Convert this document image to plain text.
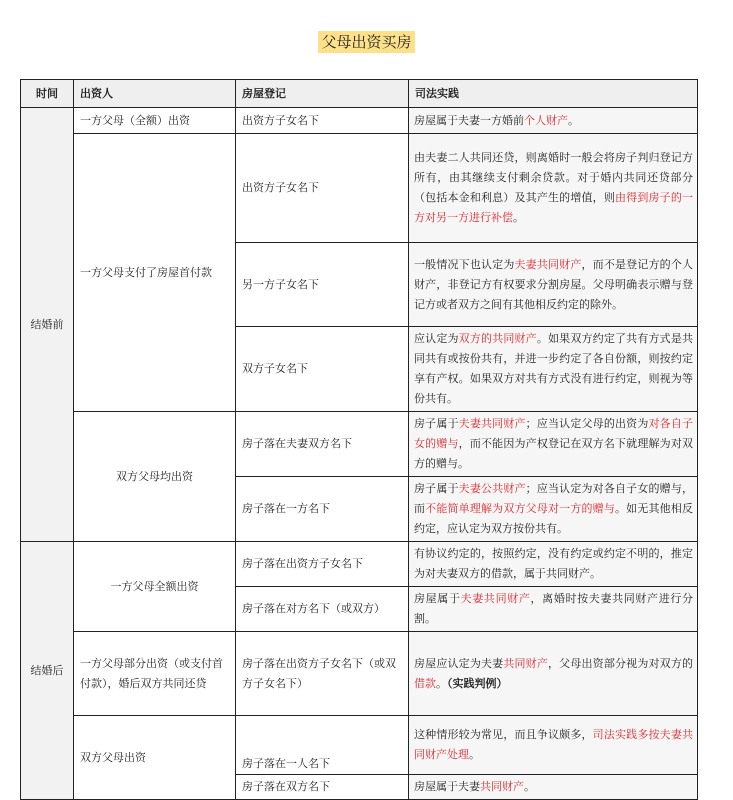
父母出资买房
时间	出资人	房屋登记	司法实践
结婚前	一方父母（全额）出资	出资方子女名下	房屋属于夫妻一方婚前个人财产。
	一方父母支付了房屋首付款	出资方子女名下	由夫妻二人共同还贷，则离婚时一般会将房子判归登记方所有，由其继续支付剩余贷款。对于婚内共同还贷部分（包括本金和利息）及其产生的增值，则由得到房子的一方对另一方进行补偿。
		另一方子女名下	一般情况下也认定为夫妻共同财产，而不是登记方的个人财产，非登记方有权要求分割房屋。父母明确表示赠与登记方或者双方之间有其他相反约定的除外。
		双方子女名下	应认定为双方的共同财产。如果双方约定了共有方式是共同共有或按份共有，并进一步约定了各自份额，则按约定享有产权。如果双方对共有方式没有进行约定，则视为等份共有。
	双方父母均出资	房子落在夫妻双方名下	房子属于夫妻共同财产；应当认定父母的出资为对各自子女的赠与，而不能因为产权登记在双方名下就理解为对双方的赠与。
		房子落在一方名下	房子属于夫妻公共财产；应当认定为对各自子女的赠与，而不能简单理解为双方父母对一方的赠与。如无其他相反约定，应认定为双方按份共有。
结婚后	一方父母全额出资	房子落在出资方子女名下	有协议约定的，按照约定，没有约定或约定不明的，推定为对夫妻双方的借款，属于共同财产。
		房子落在对方名下（或双方）	房屋属于夫妻共同财产，离婚时按夫妻共同财产进行分割。
	一方父母部分出资（或支付首付款），婚后双方共同还贷	房子落在出资方子女名下（或双方子女名下）	房屋应认定为夫妻共同财产，父母出资部分视为对双方的借款。（实践判例）
	双方父母出资	房子落在一人名下	这种情形较为常见，而且争议颇多，司法实践多按夫妻共同财产处理。
		房子落在双方名下	房屋属于夫妻共同财产。
